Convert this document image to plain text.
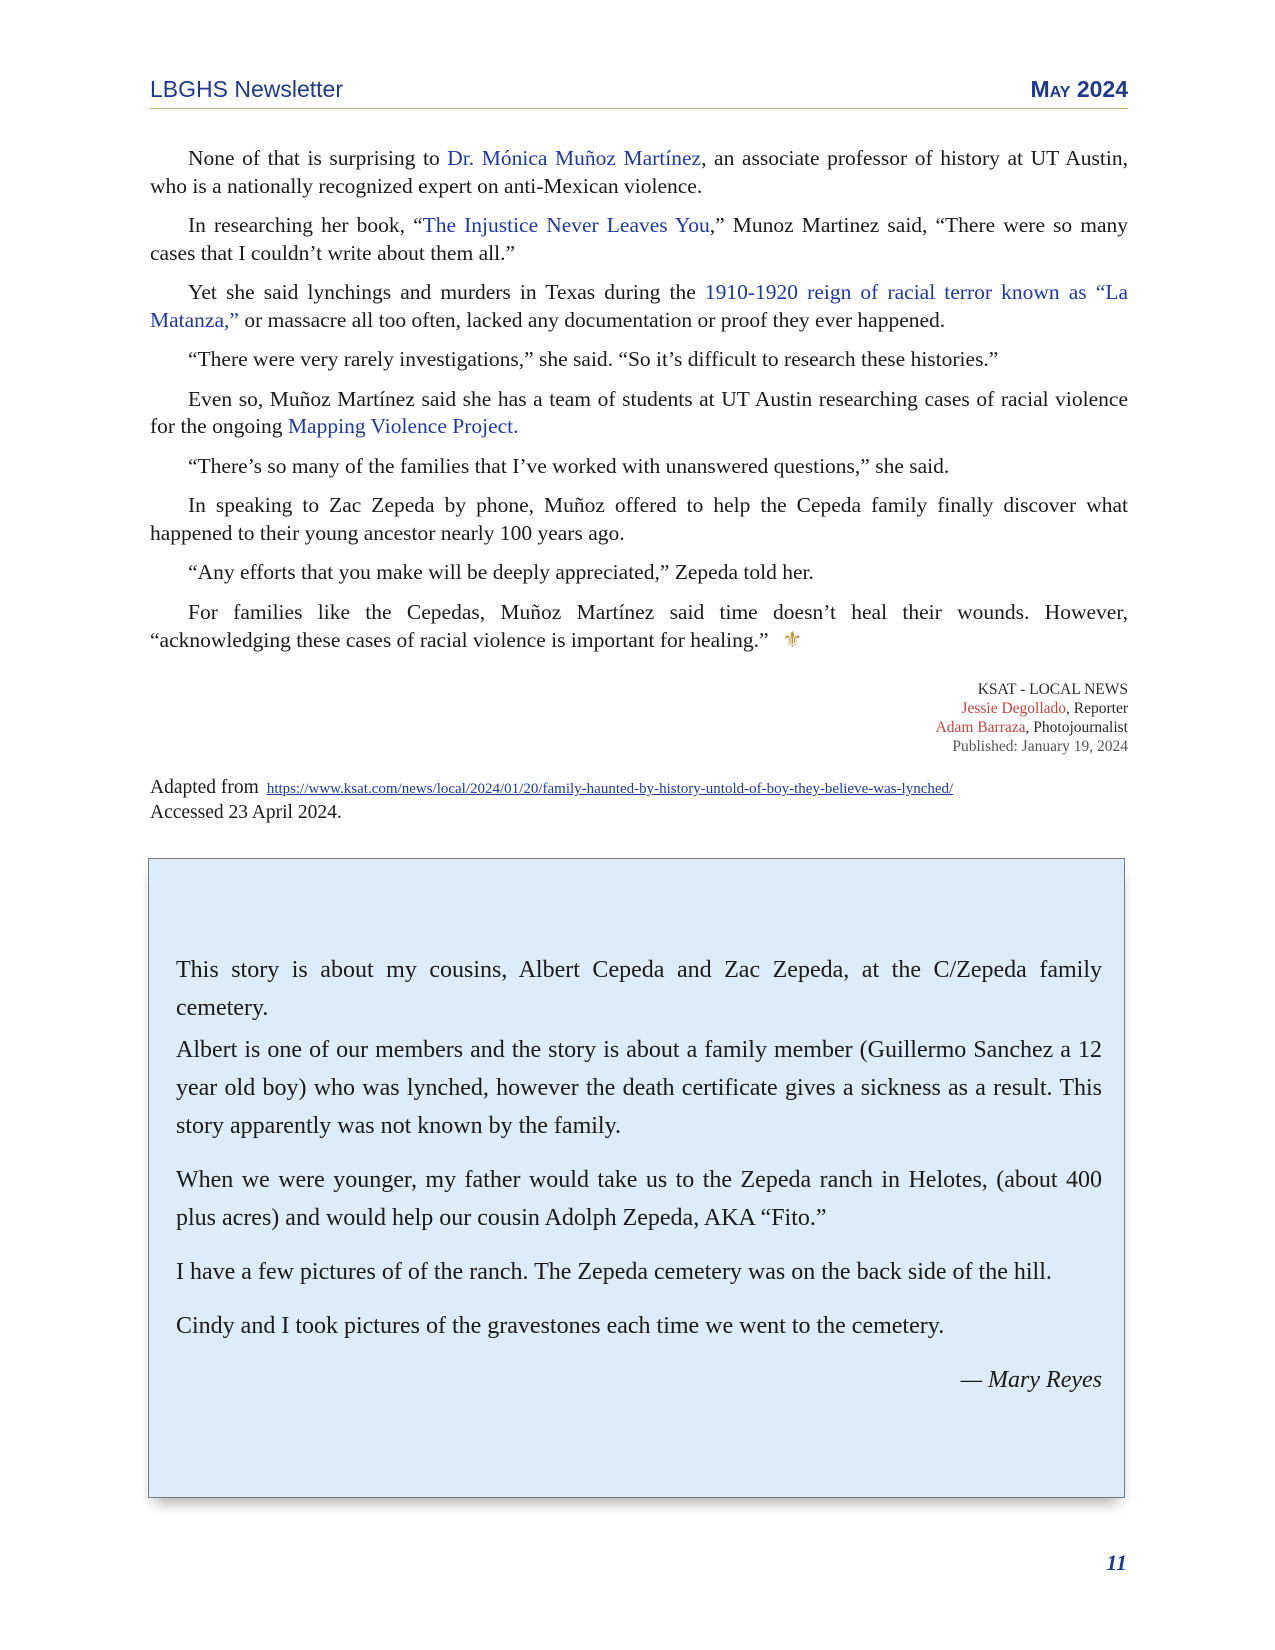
LBGHS Newsletter	May 2024

None of that is surprising to Dr. Mónica Muñoz Martínez, an associate professor of history at UT Austin, who is a nationally recognized expert on anti-Mexican violence.

In researching her book, “The Injustice Never Leaves You,” Munoz Martinez said, “There were so many cases that I couldn’t write about them all.”

Yet she said lynchings and murders in Texas during the 1910-1920 reign of racial terror known as “La Matanza,” or massacre all too often, lacked any documentation or proof they ever happened.

“There were very rarely investigations,” she said. “So it’s difficult to research these histories.”

Even so, Muñoz Martínez said she has a team of students at UT Austin researching cases of racial violence for the ongoing Mapping Violence Project.

“There’s so many of the families that I’ve worked with unanswered questions,” she said.

In speaking to Zac Zepeda by phone, Muñoz offered to help the Cepeda family finally discover what happened to their young ancestor nearly 100 years ago.

“Any efforts that you make will be deeply appreciated,” Zepeda told her.

For families like the Cepedas, Muñoz Martínez said time doesn’t heal their wounds. However, “acknowledging these cases of racial violence is important for healing.” ⚜

KSAT - LOCAL NEWS
Jessie Degollado, Reporter
Adam Barraza, Photojournalist
Published: January 19, 2024
Adapted from https://www.ksat.com/news/local/2024/01/20/family-haunted-by-history-untold-of-boy-they-believe-was-lynched/
Accessed 23 April 2024.

This story is about my cousins, Albert Cepeda and Zac Zepeda, at the C/Zepeda family cemetery.

Albert is one of our members and the story is about a family member (Guillermo Sanchez a 12 year old boy) who was lynched, however the death certificate gives a sickness as a result. This story apparently was not known by the family.

When we were younger, my father would take us to the Zepeda ranch in Helotes, (about 400 plus acres) and would help our cousin Adolph Zepeda, AKA “Fito.”

I have a few pictures of of the ranch. The Zepeda cemetery was on the back side of the hill.

Cindy and I took pictures of the gravestones each time we went to the cemetery.

— Mary Reyes
11
